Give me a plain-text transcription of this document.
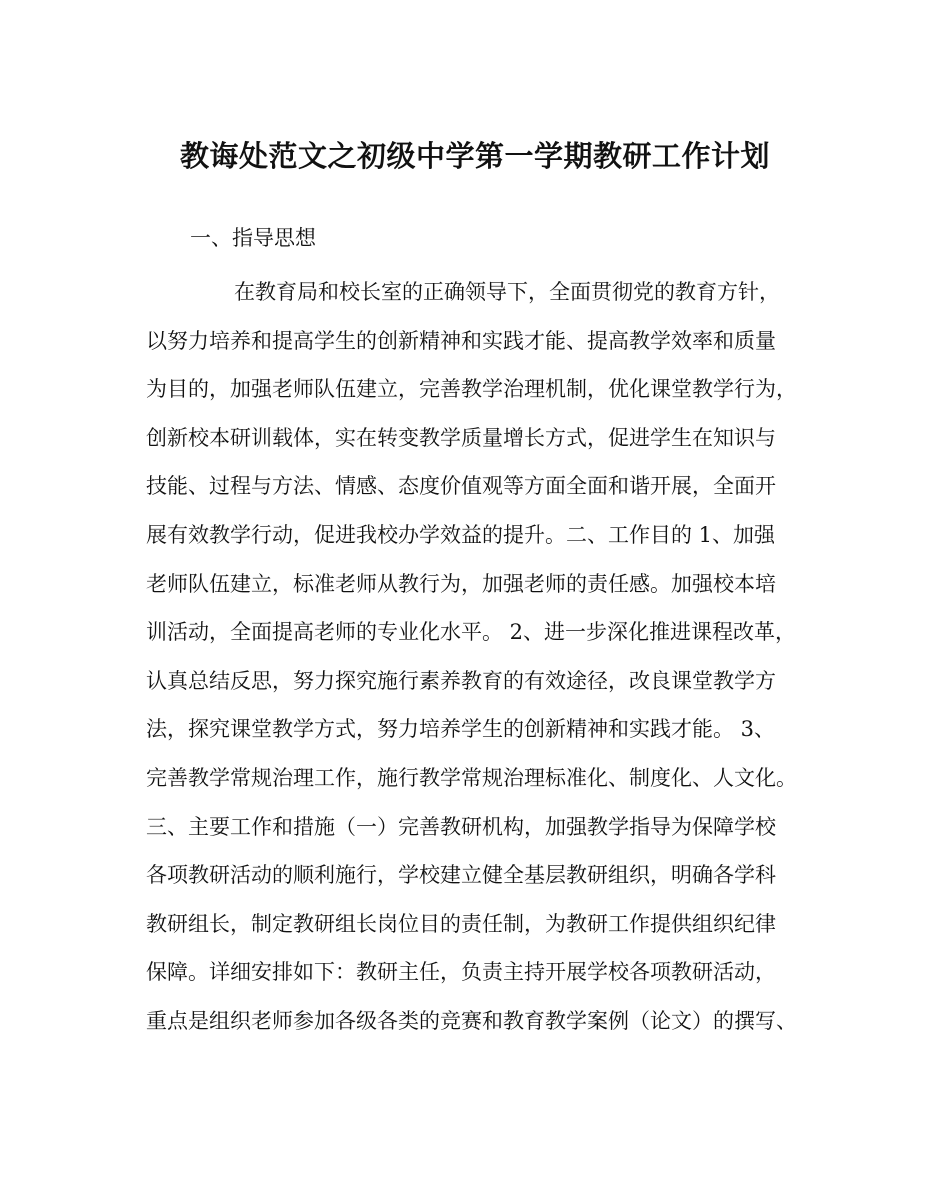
教诲处范文之初级中学第一学期教研工作计划
一、指导思想
在教育局和校长室的正确领导下，全面贯彻党的教育方针，
以努力培养和提高学生的创新精神和实践才能、提高教学效率和质量
为目的，加强老师队伍建立，完善教学治理机制，优化课堂教学行为，
创新校本研训载体，实在转变教学质量增长方式，促进学生在知识与
技能、过程与方法、情感、态度价值观等方面全面和谐开展，全面开
展有效教学行动，促进我校办学效益的提升。二、工作目的 1、加强
老师队伍建立，标准老师从教行为，加强老师的责任感。加强校本培
训活动，全面提高老师的专业化水平。 2、进一步深化推进课程改革，
认真总结反思，努力探究施行素养教育的有效途径，改良课堂教学方
法，探究课堂教学方式，努力培养学生的创新精神和实践才能。 3、
完善教学常规治理工作，施行教学常规治理标准化、制度化、人文化。
三、主要工作和措施（一）完善教研机构，加强教学指导为保障学校
各项教研活动的顺利施行，学校建立健全基层教研组织，明确各学科
教研组长，制定教研组长岗位目的责任制，为教研工作提供组织纪律
保障。详细安排如下：教研主任，负责主持开展学校各项教研活动，
重点是组织老师参加各级各类的竞赛和教育教学案例（论文）的撰写、
